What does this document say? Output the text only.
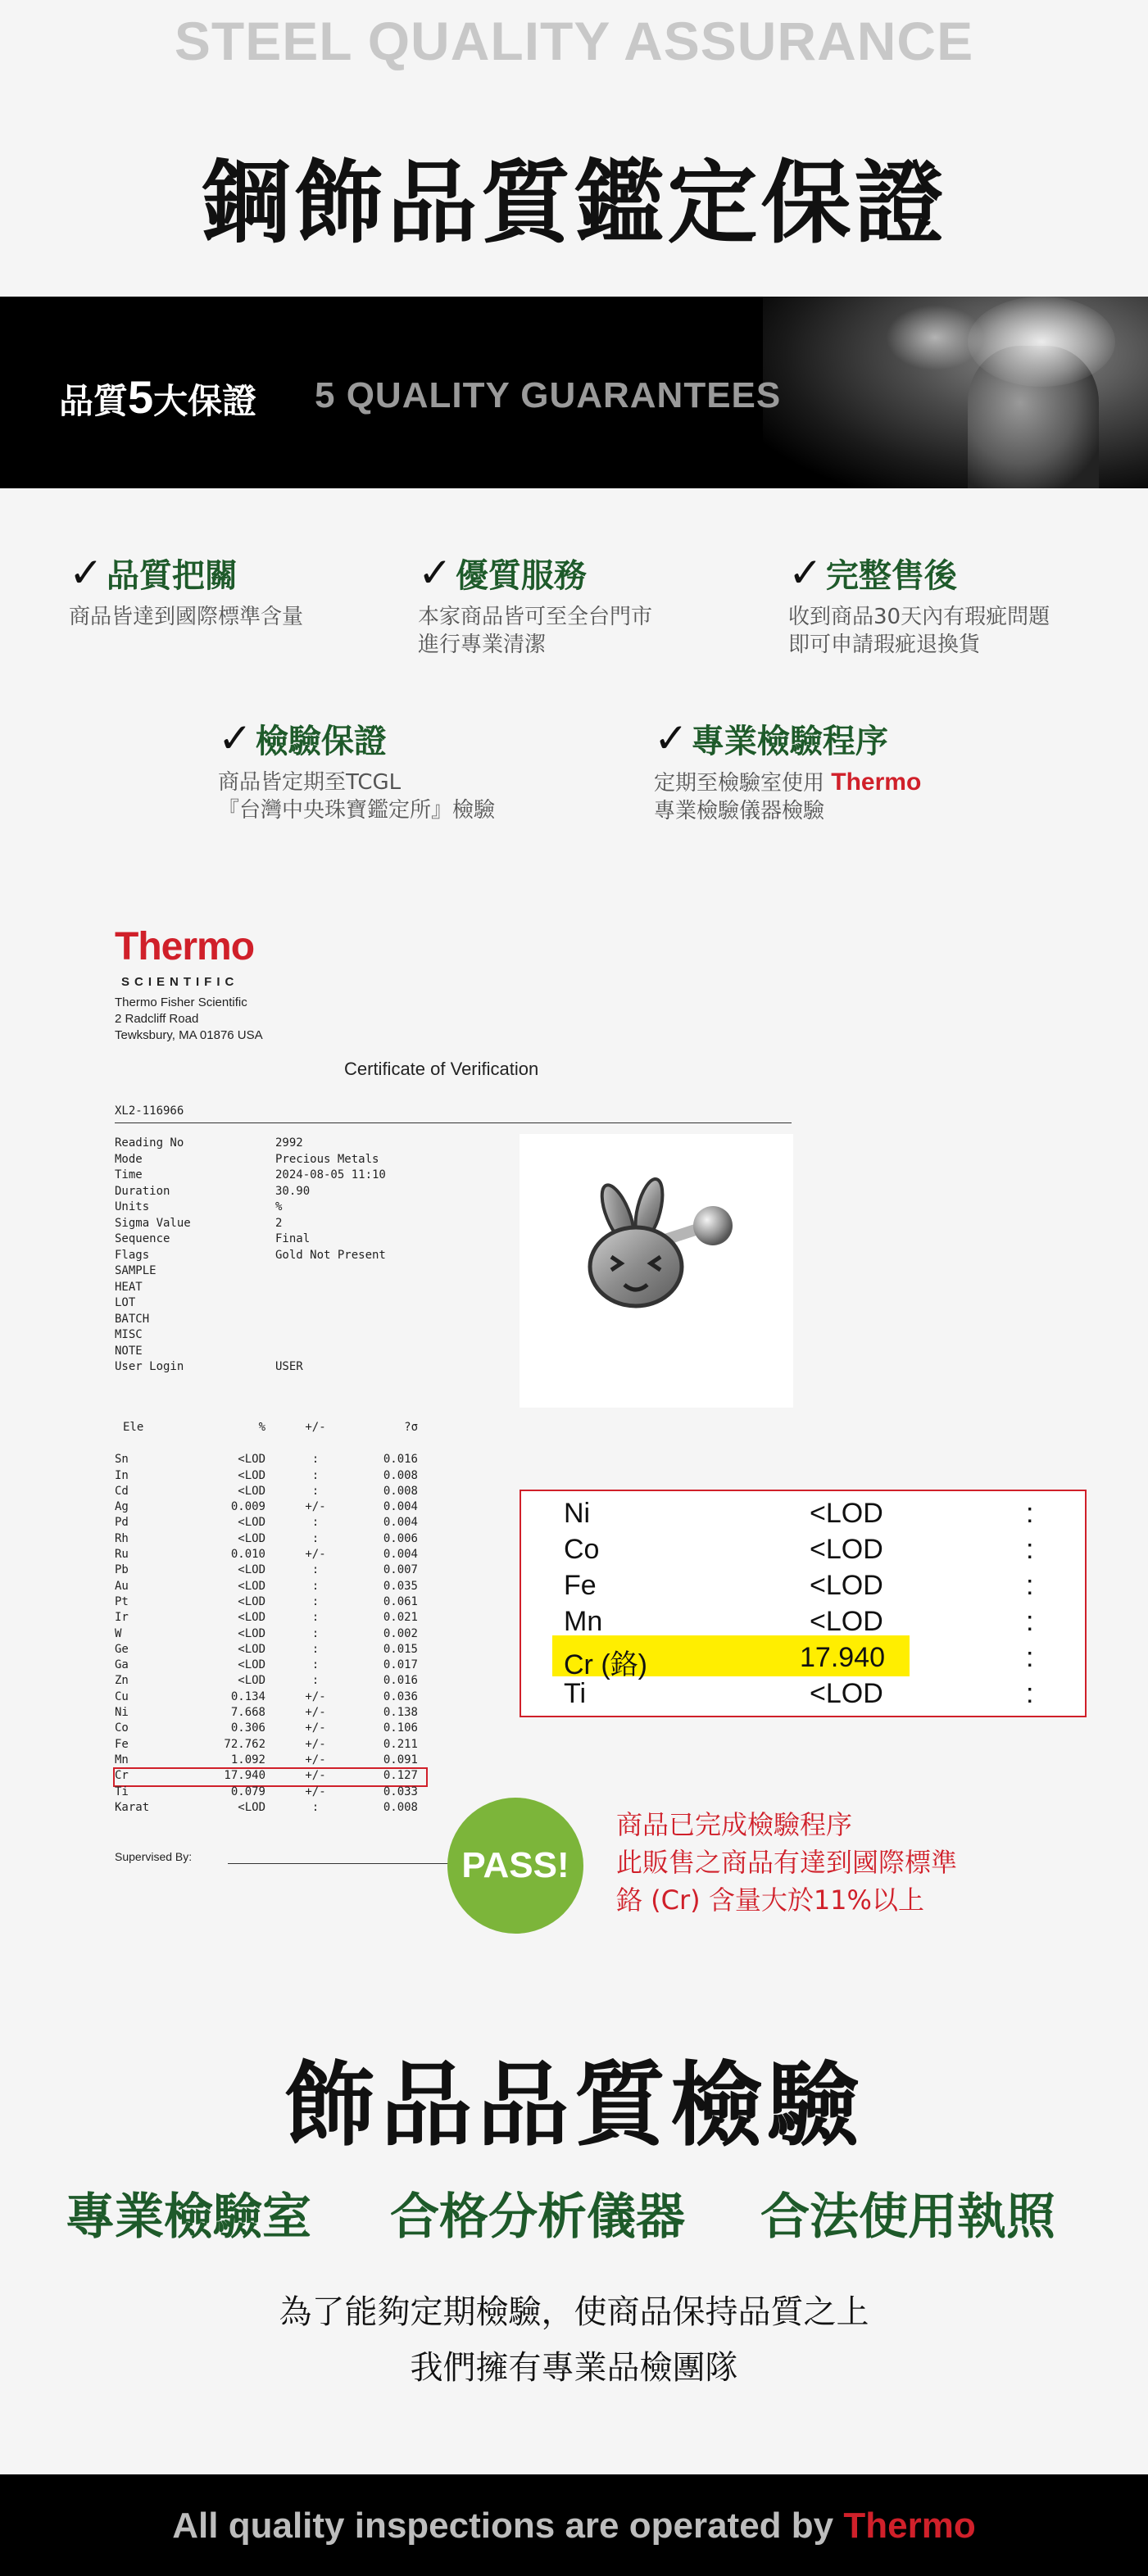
STEEL QUALITY ASSURANCE
鋼飾品質鑑定保證
品質5大保證 5 QUALITY GUARANTEES
✓ 品質把關
商品皆達到國際標準含量
✓ 優質服務
本家商品皆可至全台門市
進行專業清潔
✓ 完整售後
收到商品30天內有瑕疵問題
即可申請瑕疵退換貨
✓ 檢驗保證
商品皆定期至TCGL
『台灣中央珠寶鑑定所』檢驗
✓ 專業檢驗程序
定期至檢驗室使用 Thermo
專業檢驗儀器檢驗
Thermo
SCIENTIFIC
Thermo Fisher Scientific
2 Radcliff Road
Tewksbury, MA 01876 USA
Certificate of Verification
XL2-116966
Reading No	2992
Mode	Precious Metals
Time	2024-08-05 11:10
Duration	30.90
Units	%
Sigma Value	2
Sequence	Final
Flags	Gold Not Present
SAMPLE
HEAT
LOT
BATCH
MISC
NOTE
User Login	USER
Ele	%	+/-	?σ
Sn	<LOD	:	0.016
In	<LOD	:	0.008
Cd	<LOD	:	0.008
Ag	0.009	+/-	0.004
Pd	<LOD	:	0.004
Rh	<LOD	:	0.006
Ru	0.010	+/-	0.004
Pb	<LOD	:	0.007
Au	<LOD	:	0.035
Pt	<LOD	:	0.061
Ir	<LOD	:	0.021
W	<LOD	:	0.002
Ge	<LOD	:	0.015
Ga	<LOD	:	0.017
Zn	<LOD	:	0.016
Cu	0.134	+/-	0.036
Ni	7.668	+/-	0.138
Co	0.306	+/-	0.106
Fe	72.762	+/-	0.211
Mn	1.092	+/-	0.091
Cr	17.940	+/-	0.127
Ti	0.079	+/-	0.033
Karat	<LOD	:	0.008
Supervised By:
Ni	<LOD	:
Co	<LOD	:
Fe	<LOD	:
Mn	<LOD	:
Cr (鉻)	17.940	:
Ti	<LOD	:
PASS!
商品已完成檢驗程序
此販售之商品有達到國際標準
鉻 (Cr) 含量大於11%以上
飾品品質檢驗
專業檢驗室 合格分析儀器 合法使用執照
為了能夠定期檢驗，使商品保持品質之上
我們擁有專業品檢團隊
All quality inspections are operated by Thermo
